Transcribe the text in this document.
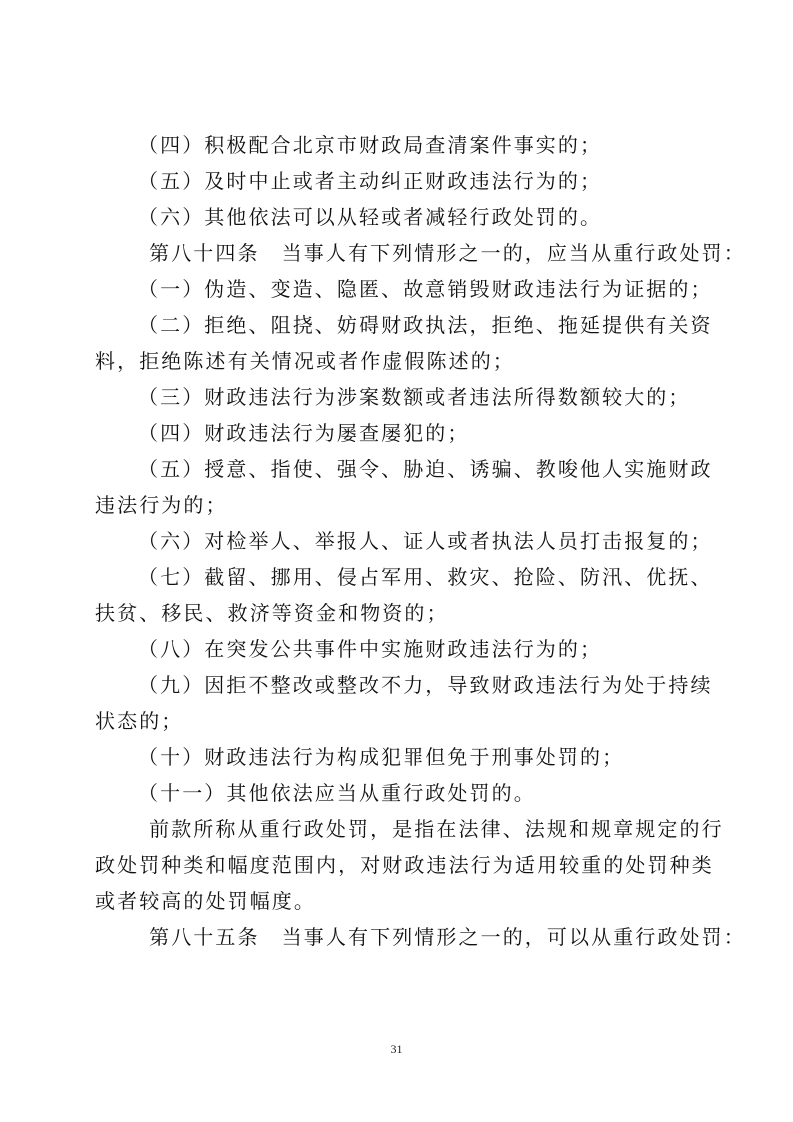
（四）积极配合北京市财政局查清案件事实的；
（五）及时中止或者主动纠正财政违法行为的；
（六）其他依法可以从轻或者减轻行政处罚的。
　第八十四条　当事人有下列情形之一的，应当从重行政处罚：
（一）伪造、变造、隐匿、故意销毁财政违法行为证据的；
（二）拒绝、阻挠、妨碍财政执法，拒绝、拖延提供有关资
料，拒绝陈述有关情况或者作虚假陈述的；
（三）财政违法行为涉案数额或者违法所得数额较大的；
（四）财政违法行为屡查屡犯的；
（五）授意、指使、强令、胁迫、诱骗、教唆他人实施财政
违法行为的；
（六）对检举人、举报人、证人或者执法人员打击报复的；
（七）截留、挪用、侵占军用、救灾、抢险、防汛、优抚、
扶贫、移民、救济等资金和物资的；
（八）在突发公共事件中实施财政违法行为的；
（九）因拒不整改或整改不力，导致财政违法行为处于持续
状态的；
（十）财政违法行为构成犯罪但免于刑事处罚的；
（十一）其他依法应当从重行政处罚的。
　前款所称从重行政处罚，是指在法律、法规和规章规定的行
政处罚种类和幅度范围内，对财政违法行为适用较重的处罚种类
或者较高的处罚幅度。
　第八十五条　当事人有下列情形之一的，可以从重行政处罚：
31
